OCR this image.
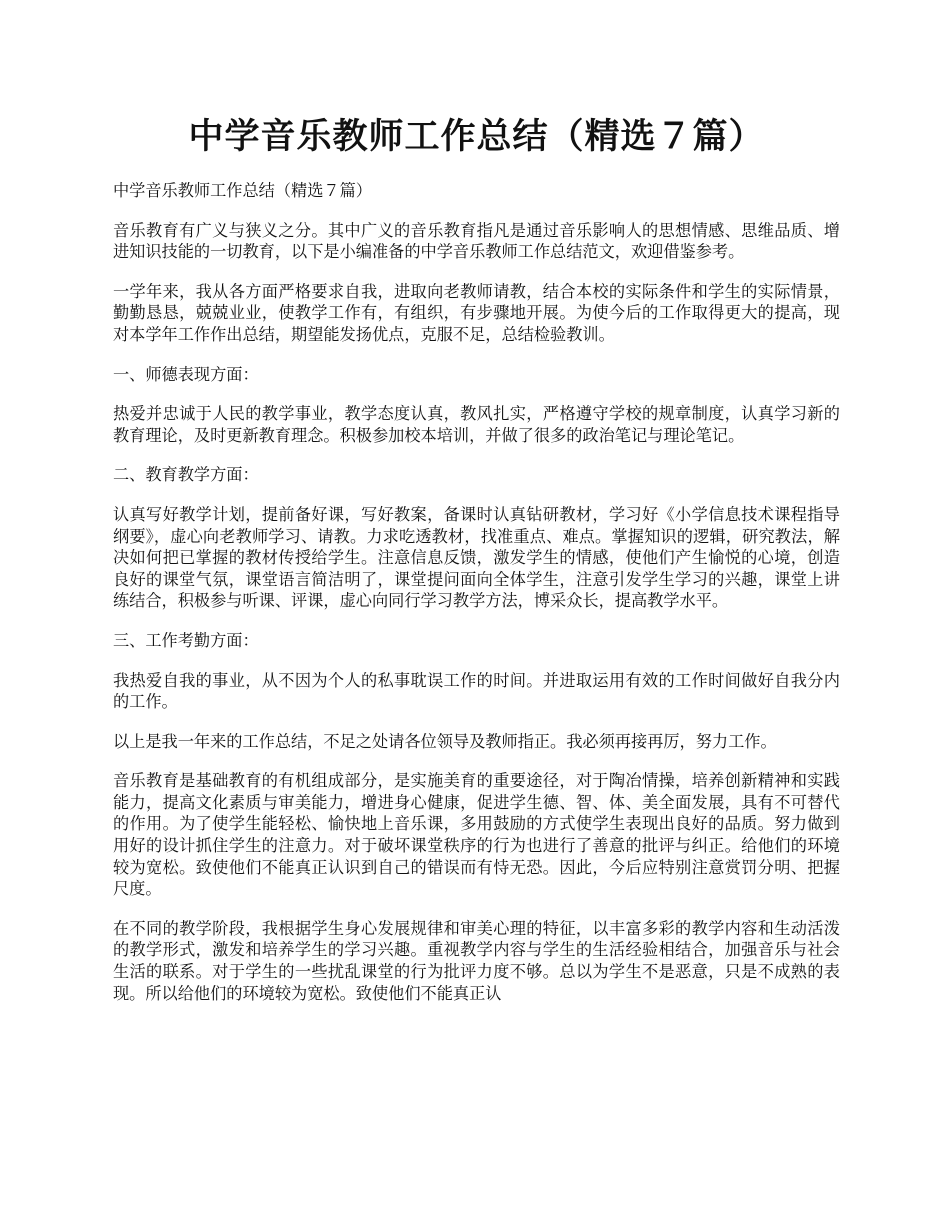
中学音乐教师工作总结（精选７篇）

中学音乐教师工作总结（精选７篇）

音乐教育有广义与狭义之分。其中广义的音乐教育指凡是通过音乐影响人的思想情感、思维品质、增进知识技能的一切教育，以下是小编准备的中学音乐教师工作总结范文，欢迎借鉴参考。

一学年来，我从各方面严格要求自我，进取向老教师请教，结合本校的实际条件和学生的实际情景，勤勤恳恳，兢兢业业，使教学工作有，有组织，有步骤地开展。为使今后的工作取得更大的提高，现对本学年工作作出总结，期望能发扬优点，克服不足，总结检验教训。

一、师德表现方面：

热爱并忠诚于人民的教学事业，教学态度认真，教风扎实，严格遵守学校的规章制度，认真学习新的教育理论，及时更新教育理念。积极参加校本培训，并做了很多的政治笔记与理论笔记。

二、教育教学方面：

认真写好教学计划，提前备好课，写好教案，备课时认真钻研教材，学习好《小学信息技术课程指导纲要》，虚心向老教师学习、请教。力求吃透教材，找准重点、难点。掌握知识的逻辑，研究教法，解决如何把已掌握的教材传授给学生。注意信息反馈，激发学生的情感，使他们产生愉悦的心境，创造良好的课堂气氛，课堂语言简洁明了，课堂提问面向全体学生，注意引发学生学习的兴趣，课堂上讲练结合，积极参与听课、评课，虚心向同行学习教学方法，博采众长，提高教学水平。

三、工作考勤方面：

我热爱自我的事业，从不因为个人的私事耽误工作的时间。并进取运用有效的工作时间做好自我分内的工作。

以上是我一年来的工作总结，不足之处请各位领导及教师指正。我必须再接再厉，努力工作。

音乐教育是基础教育的有机组成部分，是实施美育的重要途径，对于陶冶情操，培养创新精神和实践能力，提高文化素质与审美能力，增进身心健康，促进学生德、智、体、美全面发展，具有不可替代的作用。为了使学生能轻松、愉快地上音乐课，多用鼓励的方式使学生表现出良好的品质。努力做到用好的设计抓住学生的注意力。对于破坏课堂秩序的行为也进行了善意的批评与纠正。给他们的环境较为宽松。致使他们不能真正认识到自己的错误而有恃无恐。因此，今后应特别注意赏罚分明、把握尺度。

在不同的教学阶段，我根据学生身心发展规律和审美心理的特征，以丰富多彩的教学内容和生动活泼的教学形式，激发和培养学生的学习兴趣。重视教学内容与学生的生活经验相结合，加强音乐与社会生活的联系。对于学生的一些扰乱课堂的行为批评力度不够。总以为学生不是恶意，只是不成熟的表现。所以给他们的环境较为宽松。致使他们不能真正认
